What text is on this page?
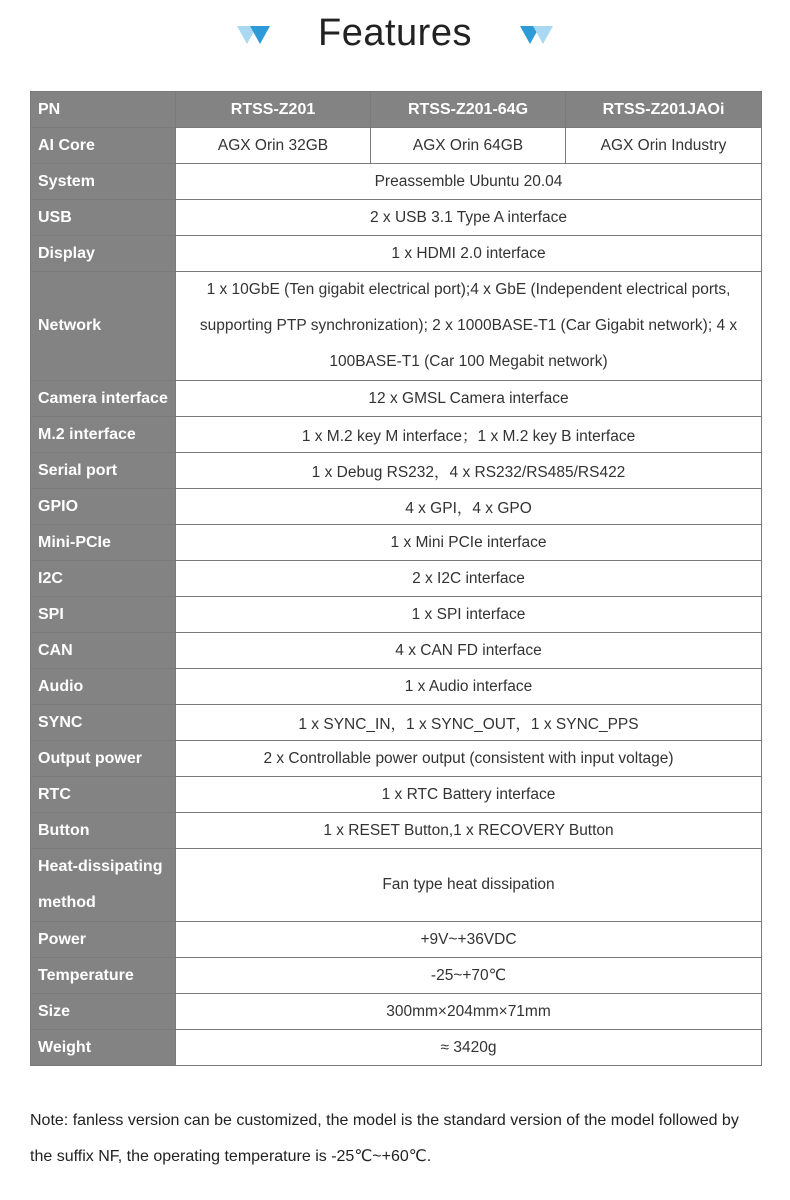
Features
PN	RTSS-Z201	RTSS-Z201-64G	RTSS-Z201JAOi
AI Core	AGX Orin 32GB	AGX Orin 64GB	AGX Orin Industry
System	Preassemble Ubuntu 20.04		
USB	2 x USB 3.1 Type A interface		
Display	1 x HDMI 2.0 interface		
Network	1 x 10GbE (Ten gigabit electrical port);4 x GbE (Independent electrical ports, supporting PTP synchronization); 2 x 1000BASE-T1 (Car Gigabit network); 4 x 100BASE-T1 (Car 100 Megabit network)		
Camera interface	12 x GMSL Camera interface		
M.2 interface	1 x M.2 key M interface；1 x M.2 key B interface		
Serial port	1 x Debug RS232，4 x RS232/RS485/RS422		
GPIO	4 x GPI，4 x GPO		
Mini-PCIe	1 x Mini PCIe interface		
I2C	2 x I2C interface		
SPI	1 x SPI interface		
CAN	4 x CAN FD interface		
Audio	1 x Audio interface		
SYNC	1 x SYNC_IN，1 x SYNC_OUT，1 x SYNC_PPS		
Output power	2 x Controllable power output (consistent with input voltage)		
RTC	1 x RTC Battery interface		
Button	1 x RESET Button,1 x RECOVERY Button		
Heat-dissipating method	Fan type heat dissipation		
Power	+9V~+36VDC		
Temperature	-25~+70℃		
Size	300mm×204mm×71mm		
Weight	≈ 3420g		
Note: fanless version can be customized, the model is the standard version of the model followed by the suffix NF, the operating temperature is -25℃~+60℃.
